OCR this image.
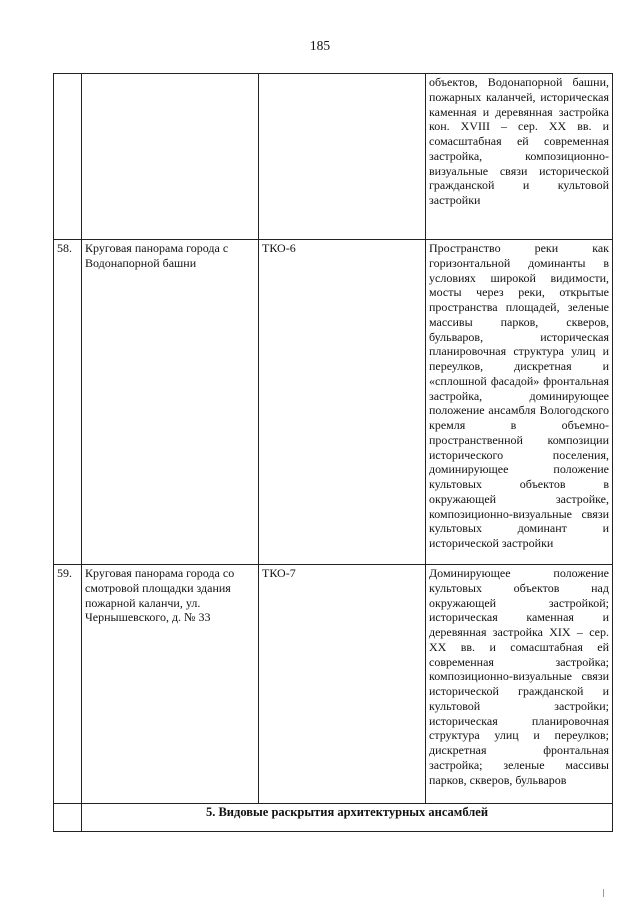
185
			объектов, Водонапорной башни, пожарных каланчей, историческая каменная и деревянная застройка кон. XVIII – сер. XX вв. и сомасштабная ей современная застройка, композиционно-визуальные связи исторической гражданской и культовой застройки
58.	Круговая панорама города с Водонапорной башни	ТКО-6	Пространство реки как горизонтальной доминанты в условиях широкой видимости, мосты через реки, открытые пространства площадей, зеленые массивы парков, скверов, бульваров, историческая планировочная структура улиц и переулков, дискретная и «сплошной фасадой» фронтальная застройка, доминирующее положение ансамбля Вологодского кремля в объемно-пространственной композиции исторического поселения, доминирующее положение культовых объектов в окружающей застройке, композиционно-визуальные связи культовых доминант и исторической застройки
59.	Круговая панорама города со смотровой площадки здания пожарной каланчи, ул. Чернышевского, д. № 33	ТКО-7	Доминирующее положение культовых объектов над окружающей застройкой; историческая каменная и деревянная застройка XIX – сер. XX вв. и сомасштабная ей современная застройка; композиционно-визуальные связи исторической гражданской и культовой застройки; историческая планировочная структура улиц и переулков; дискретная фронтальная застройка; зеленые массивы парков, скверов, бульваров
	5. Видовые раскрытия архитектурных ансамблей		
